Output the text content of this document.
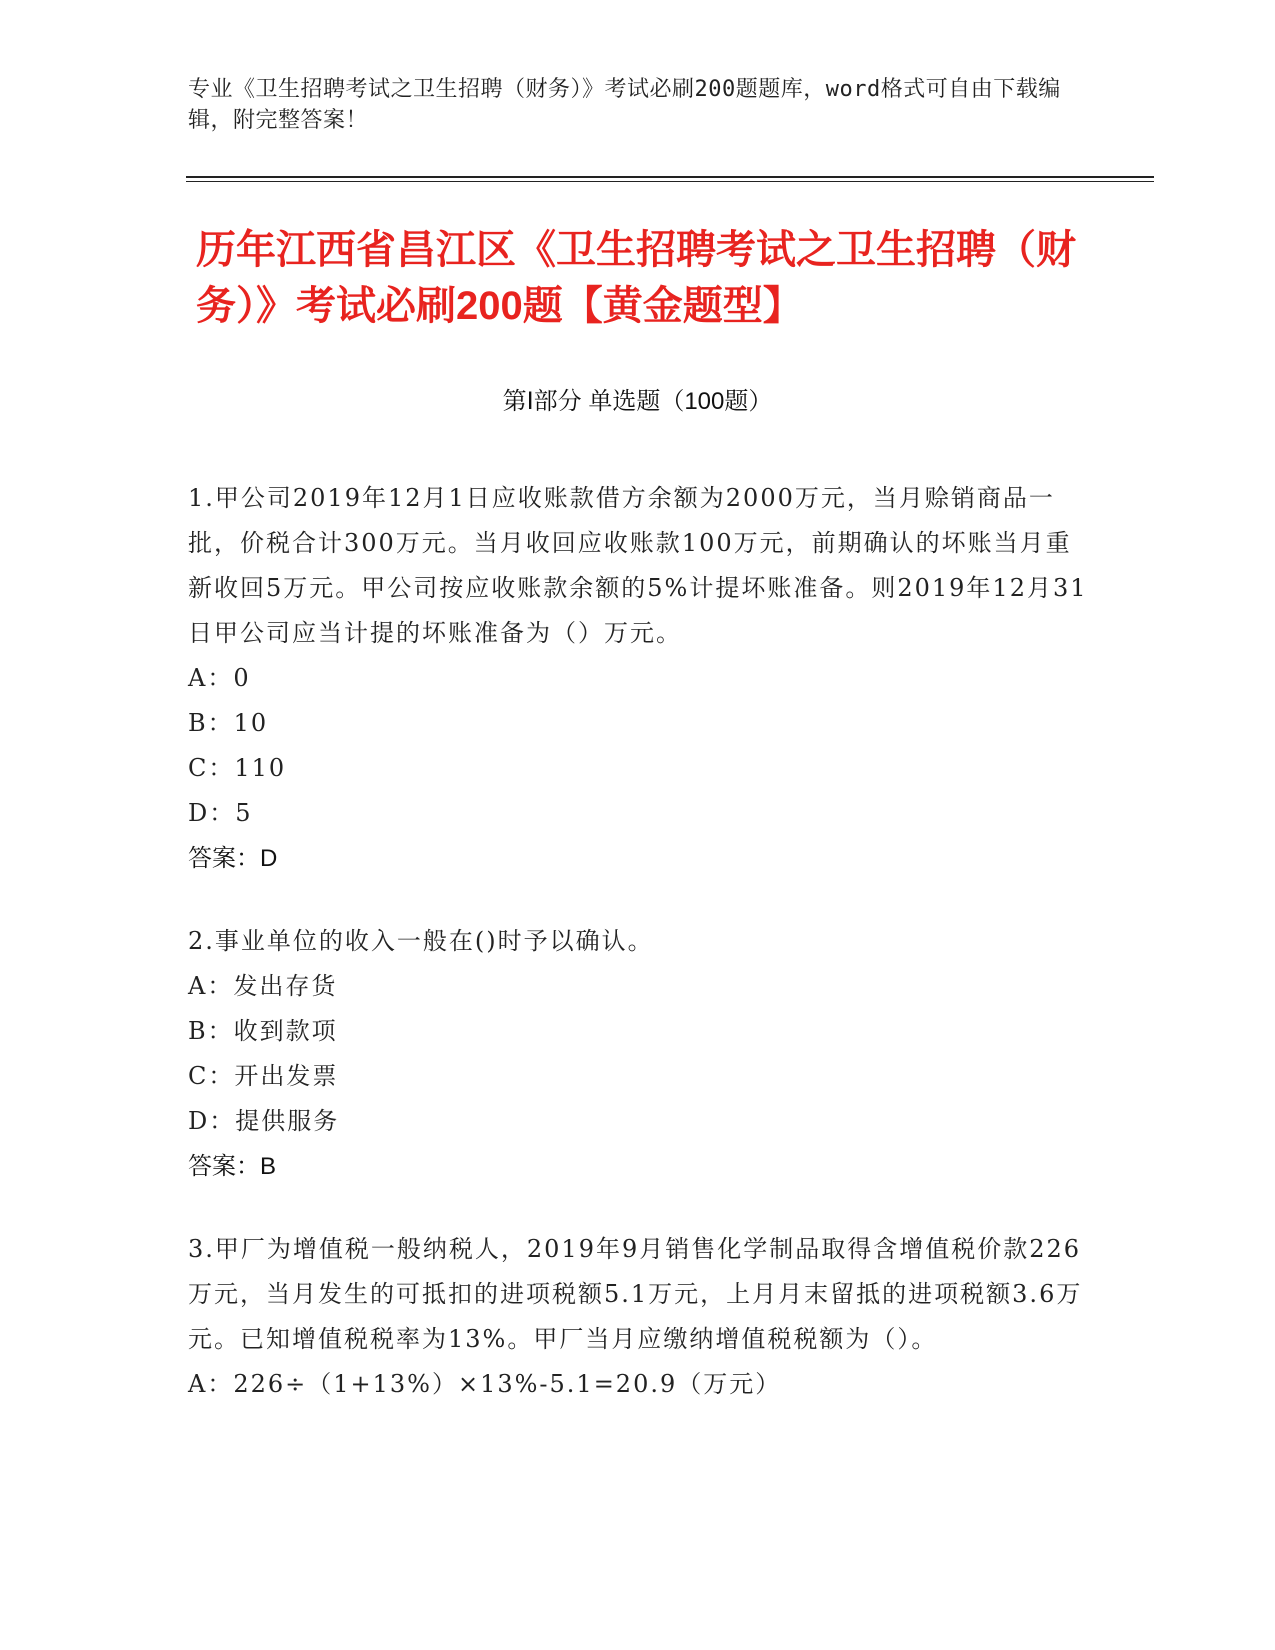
专业《卫生招聘考试之卫生招聘（财务）》考试必刷200题题库，word格式可自由下载编辑，附完整答案！
历年江西省昌江区《卫生招聘考试之卫生招聘（财务）》考试必刷200题【黄金题型】
第Ⅰ部分 单选题（100题）

1.甲公司2019年12月1日应收账款借方余额为2000万元，当月赊销商品一批，价税合计300万元。当月收回应收账款100万元，前期确认的坏账当月重新收回5万元。甲公司按应收账款余额的5%计提坏账准备。则2019年12月31日甲公司应当计提的坏账准备为（）万元。

A：0

B：10

C：110

D：5

答案：D

2.事业单位的收入一般在()时予以确认。

A：发出存货

B：收到款项

C：开出发票

D：提供服务

答案：B

3.甲厂为增值税一般纳税人，2019年9月销售化学制品取得含增值税价款226万元，当月发生的可抵扣的进项税额5.1万元，上月月末留抵的进项税额3.6万元。已知增值税税率为13%。甲厂当月应缴纳增值税税额为（）。

A：226÷（1+13%）×13%-5.1=20.9（万元）
